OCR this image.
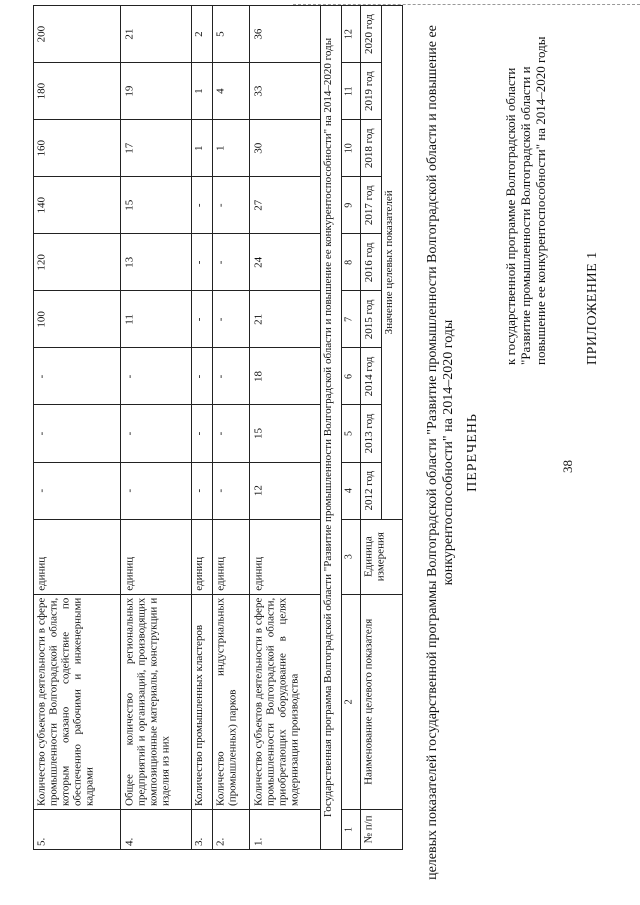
38
ПРИЛОЖЕНИЕ 1
к государственной программе Волгоградской области "Развитие промышленности Волгоградской области и повышение ее конкурентоспособности" на 2014–2020 годы
ПЕРЕЧЕНЬ
целевых показателей государственной программы Волгоградской области "Развитие промышленности Волгоградской области и повышение ее конкурентоспособности" на 2014–2020 годы
№ п/п	Наименование целевого показателя	Единица измерения	Значение целевых показателей								
			2012 год	2013 год	2014 год	2015 год	2016 год	2017 год	2018 год	2019 год	2020 год
1	2	3	4	5	6	7	8	9	10	11	12
Государственная программа Волгоградской области "Развитие промышленности Волгоградской области и повышение ее конкурентоспособности" на 2014–2020 годы											
1.	Количество субъектов деятельности в сфере промышленности Волгоградской области, приобретающих оборудование в целях модернизации производства	единиц	12	15	18	21	24	27	30	33	36
2.	Количество индустриальных (промышленных) парков	единиц	-	-	-	-	-	-	1	4	5
3.	Количество промышленных кластеров	единиц	-	-	-	-	-	-	1	1	2
4.	Общее количество региональных предприятий и организаций, производящих композиционные материалы, конструкции и изделия из них	единиц	-	-	-	11	13	15	17	19	21
5.	Количество субъектов деятельности в сфере промышленности Волгоградской области, которым оказано содействие по обеспечению рабочими и инженерными кадрами	единиц	-	-	-	100	120	140	160	180	200
